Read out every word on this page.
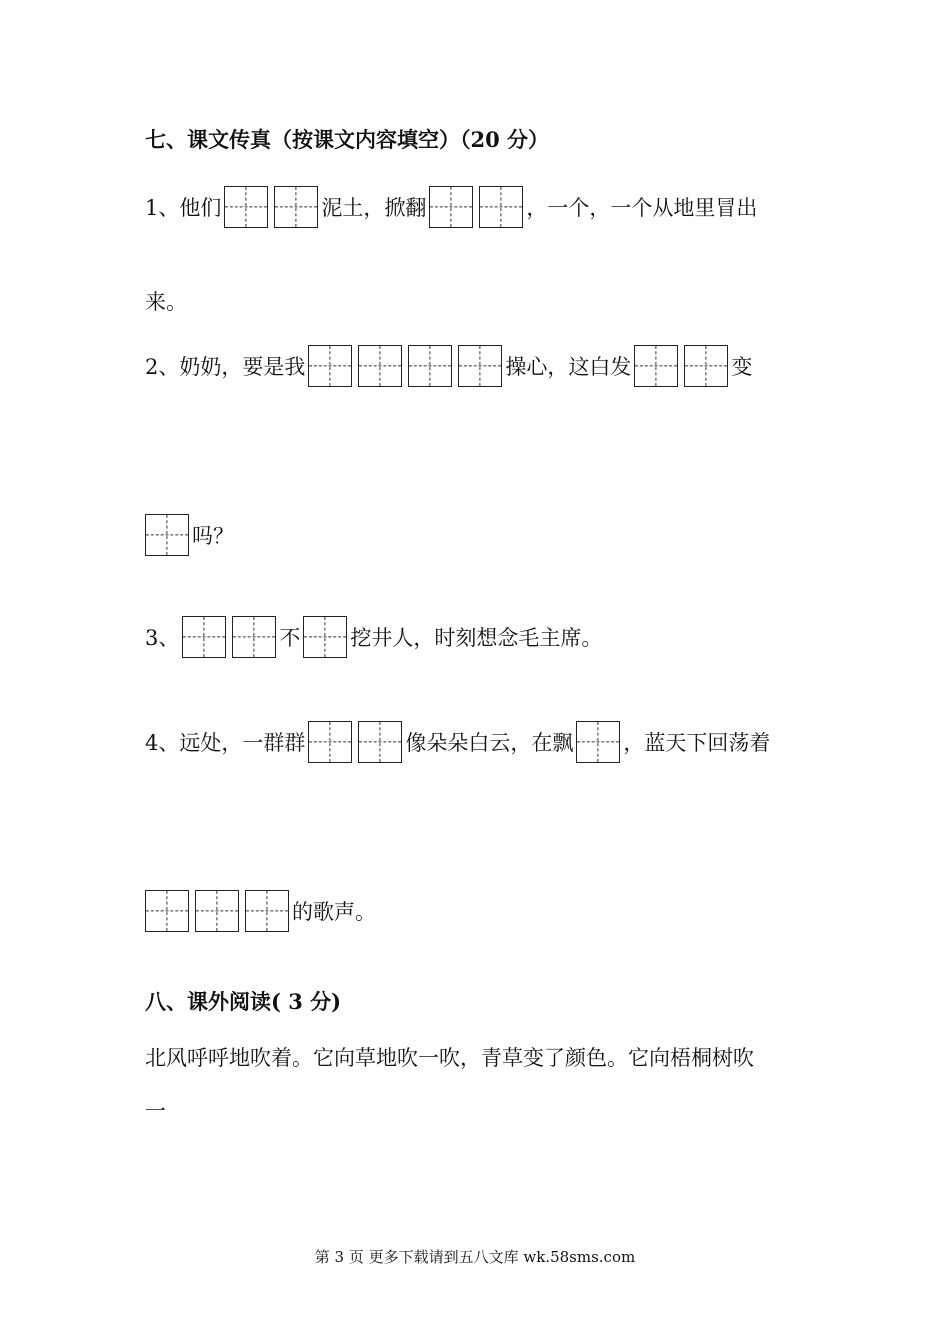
七、课文传真（按课文内容填空）（20 分）
1、他们	泥土，掀翻	，一个，一个从地里冒出
来。
2、奶奶，要是我	操心，这白发	变
吗？
3、	不 挖井人，时刻想念毛主席。
4、远处，一群群	像朵朵白云，在飘 ，蓝天下回荡着
的歌声。
八、课外阅读( 3 分)
北风呼呼地吹着。它向草地吹一吹，青草变了颜色。它向梧桐树吹
一
第 3 页 更多下载请到五八文库 wk.58sms.com
